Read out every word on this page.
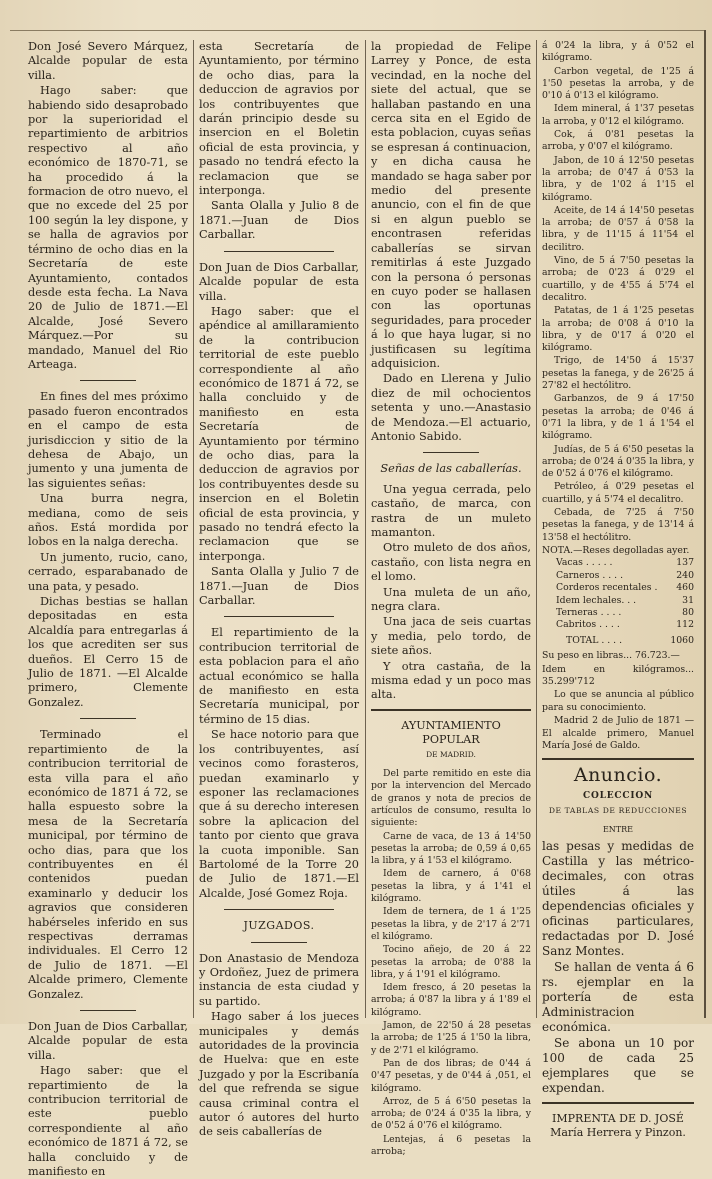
Don José Severo Márquez, Alcalde popular de esta villa.

Hago saber: que habiendo sido desaprobado por la superioridad el repartimiento de arbitrios respectivo al año económico de 1870-71, se ha procedido á la formacion de otro nuevo, el que no excede del 25 por 100 según la ley dispone, y se halla de agravios por término de ocho dias en la Secretaría de este Ayuntamiento, contados desde esta fecha. La Nava 20 de Julio de 1871.—El Alcalde, José Severo Márquez.—Por su mandado, Manuel del Rio Arteaga.

En fines del mes próximo pasado fueron encontrados en el campo de esta jurisdiccion y sitio de la dehesa de Abajo, un jumento y una jumenta de las siguientes señas:

Una burra negra, mediana, como de seis años. Está mordida por lobos en la nalga derecha.

Un jumento, rucio, cano, cerrado, esparabanado de una pata, y pesado.

Dichas bestias se hallan depositadas en esta Alcaldía para entregarlas á los que acrediten ser sus dueños. El Cerro 15 de Julio de 1871. —El Alcalde primero, Clemente Gonzalez.

Terminado el repartimiento de la contribucion territorial de esta villa para el año económico de 1871 á 72, se halla espuesto sobre la mesa de la Secretaría municipal, por término de ocho dias, para que los contribuyentes en él contenidos puedan examinarlo y deducir los agravios que consideren habérseles inferido en sus respectivas derramas individuales. El Cerro 12 de Julio de 1871. —El Alcalde primero, Clemente Gonzalez.

Don Juan de Dios Carballar, Alcalde popular de esta villa.

Hago saber: que el repartimiento de la contribucion territorial de este pueblo correspondiente al año económico de 1871 á 72, se halla concluido y de manifiesto en

esta Secretaría de Ayuntamiento, por término de ocho dias, para la deduccion de agravios por los contribuyentes que darán principio desde su insercion en el Boletin oficial de esta provincia, y pasado no tendrá efecto la reclamacion que se interponga.

Santa Olalla y Julio 8 de 1871.—Juan de Dios Carballar.

Don Juan de Dios Carballar, Alcalde popular de esta villa.

Hago saber: que el apéndice al amillaramiento de la contribucion territorial de este pueblo correspondiente al año económico de 1871 á 72, se halla concluido y de manifiesto en esta Secretaría de Ayuntamiento por término de ocho dias, para la deduccion de agravios por los contribuyentes desde su insercion en el Boletin oficial de esta provincia, y pasado no tendrá efecto la reclamacion que se interponga.

Santa Olalla y Julio 7 de 1871.—Juan de Dios Carballar.

El repartimiento de la contribucion territorial de esta poblacion para el año actual económico se halla de manifiesto en esta Secretaría municipal, por término de 15 dias.

Se hace notorio para que los contribuyentes, así vecinos como forasteros, puedan examinarlo y esponer las reclamaciones que á su derecho interesen sobre la aplicacion del tanto por ciento que grava la cuota imponible. San Bartolomé de la Torre 20 de Julio de 1871.—El Alcalde, José Gomez Roja.

JUZGADOS.

Don Anastasio de Mendoza y Ordoñez, Juez de primera instancia de esta ciudad y su partido.

Hago saber á los jueces municipales y demás autoridades de la provincia de Huelva: que en este Juzgado y por la Escribanía del que refrenda se sigue causa criminal contra el autor ó autores del hurto de seis caballerías de

la propiedad de Felipe Larrey y Ponce, de esta vecindad, en la noche del siete del actual, que se hallaban pastando en una cerca sita en el Egido de esta poblacion, cuyas señas se espresan á continuacion, y en dicha causa he mandado se haga saber por medio del presente anuncio, con el fin de que si en algun pueblo se encontrasen referidas caballerías se sirvan remitirlas á este Juzgado con la persona ó personas en cuyo poder se hallasen con las oportunas seguridades, para proceder á lo que haya lugar, si no justificasen su legítima adquisicion.

Dado en Llerena y Julio diez de mil ochocientos setenta y uno.—Anastasio de Mendoza.—El actuario, Antonio Sabido.

Señas de las caballerías.

Una yegua cerrada, pelo castaño, de marca, con rastra de un muleto mamanton.

Otro muleto de dos años, castaño, con lista negra en el lomo.

Una muleta de un año, negra clara.

Una jaca de seis cuartas y media, pelo tordo, de siete años.

Y otra castaña, de la misma edad y un poco mas alta.

AYUNTAMIENTO POPULAR
DE MADRID.

Del parte remitido en este dia por la intervencion del Mercado de granos y nota de precios de artículos de consumo, resulta lo siguiente:

Carne de vaca, de 13 á 14'50 pesetas la arroba; de 0,59 á 0,65 la libra, y á 1'53 el kilógramo.

Idem de carnero, á 0'68 pesetas la libra, y á 1'41 el kilógramo.

Idem de ternera, de 1 á 1'25 pesetas la libra, y de 2'17 á 2'71 el kilógramo.

Tocino añejo, de 20 á 22 pesetas la arroba; de 0'88 la libra, y á 1'91 el kilógramo.

Idem fresco, á 20 pesetas la arroba; á 0'87 la libra y á 1'89 el kilógramo.

Jamon, de 22'50 á 28 pesetas la arroba; de 1'25 á 1'50 la libra, y de 2'71 el kilógramo.

Pan de dos libras; de 0'44 á 0'47 pesetas, y de 0'44 á ,051, el kilógramo.

Arroz, de 5 á 6'50 pesetas la arroba; de 0'24 á 0'35 la libra, y de 0'52 á 0'76 el kilógramo.

Lentejas, á 6 pesetas la arroba;

á 0'24 la libra, y á 0'52 el kilógramo.

Carbon vegetal, de 1'25 á 1'50 pesetas la arroba, y de 0'10 á 0'13 el kilógramo.

Idem mineral, á 1'37 pesetas la arroba, y 0'12 el kilógramo.

Cok, á 0'81 pesetas la arroba, y 0'07 el kilógramo.

Jabon, de 10 á 12'50 pesetas la arroba; de 0'47 á 0'53 la libra, y de 1'02 á 1'15 el kilógramo.

Aceite, de 14 á 14'50 pesetas la arroba; de 0'57 á 0'58 la libra, y de 11'15 á 11'54 el decilitro.

Vino, de 5 á 7'50 pesetas la arroba; de 0'23 á 0'29 el cuartillo, y de 4'55 á 5'74 el decalitro.

Patatas, de 1 á 1'25 pesetas la arroba; de 0'08 á 0'10 la libra, y de 0'17 á 0'20 el kilógramo.

Trigo, de 14'50 á 15'37 pesetas la fanega, y de 26'25 á 27'82 el hectólitro.

Garbanzos, de 9 á 17'50 pesetas la arroba; de 0'46 á 0'71 la libra, y de 1 á 1'54 el kilógramo.

Judías, de 5 á 6'50 pesetas la arroba; de 0'24 á 0'35 la libra, y de 0'52 á 0'76 el kilógramo.

Petróleo, á 0'29 pesetas el cuartillo, y á 5'74 el decalitro.

Cebada, de 7'25 á 7'50 pesetas la fanega, y de 13'14 á 13'58 el hectólitro.

NOTA.—Reses degolladas ayer.
Vacas . . . . .	137
Carneros . . . .	240
Corderos recentales . 460
Idem lechales. . .	31
Terneras . . . .	80
Cabritos . . . .	112
TOTAL . . . .	1060

Su peso en libras... 76.723.—

Idem en kilógramos... 35.299'712

Lo que se anuncia al público para su conocimiento.

Madrid 2 de Julio de 1871 — El alcalde primero, Manuel María José de Galdo.

Anuncio.
COLECCION
DE TABLAS DE REDUCCIONES
ENTRE

las pesas y medidas de Castilla y las métrico-decimales, con otras útiles á las dependencias oficiales y oficinas particulares, redactadas por D. José Sanz Montes.

Se hallan de venta á 6 rs. ejemplar en la portería de esta Administracion económica.

Se abona un 10 por 100 de cada 25 ejemplares que se expendan.

IMPRENTA DE D. JOSÉ María Herrera y Pinzon.
